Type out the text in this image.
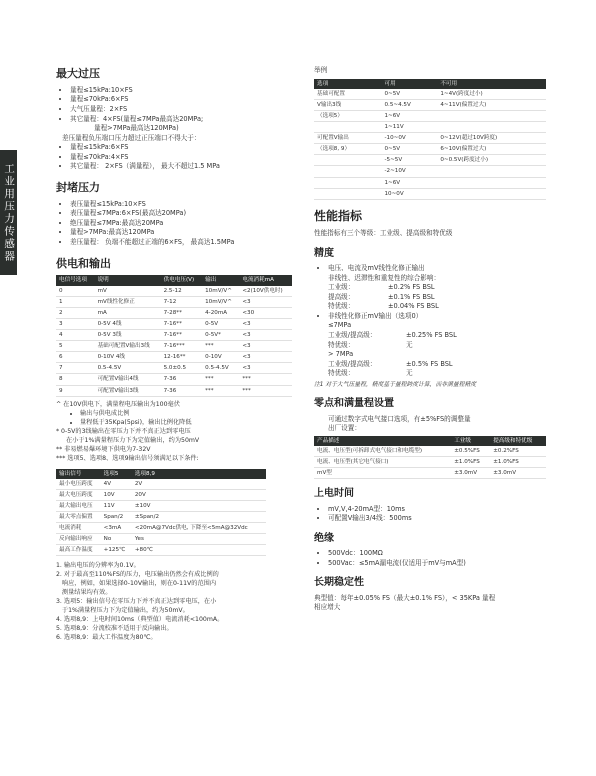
工业用压力传感器
最大过压
• 量程≤15kPa:10×FS
• 量程≤70kPa:6×FS
• 大气压量程：2×FS
• 其它量程：4×FS(量程≤7MPa最高达20MPa;
量程>7MPa最高达120MPa)

差压量程负压端口压力超过正压端口不得大于：

• 量程≤15kPa:6×FS
• 量程≤70kPa:4×FS
• 其它量程： 2×FS（满量程）， 最大不超过1.5 MPa
封堵压力
• 表压量程≤15kPa:10×FS
• 表压量程≤7MPa:6×FS(最高达20MPa)
• 绝压量程≤7MPa:最高达20MPa
• 量程>7MPa:最高达120MPa
• 差压量程： 负端不能超过正端的6×FS， 最高达1.5MPa
供电和输出
电信号选项	说明	供电电压(V)	输出	电流消耗mA
0	mV	2.5-12	10mV/V^	<2(10V供电时)
1	mV线性化修正	7-12	10mV/V^	<3
2	mA	7-28**	4-20mA	<30
3	0-5V 4线	7-16**	0-5V	<3
4	0-5V 3线	7-16**	0-5V*	<3
5	基础可配置V输出3线	7-16***	***	<3
6	0-10V 4线	12-16**	0-10V	<3
7	0.5-4.5V	5.0±0.5	0.5-4.5V	<3
8	可配置V输出4线	7-36	***	***
9	可配置V输出3线	7-36	***	***

^ 在10V供电下，满量程电压输出为100毫伏

• 输出与供电成比例
• 量程低于35Kpa(5psi)，输出比例化降低

* 0-5V的3线输出在零压力下并不真正达到零电压

在小于1%满量程压力下为定值输出，约为50mV

** 非易燃易爆环境下供电为7-32V

*** 选项5、选项8、选项9输出信号须满足以下条件:

输出信号	选项5	选项8,9
最小电压跨度	4V	2V
最大电压跨度	10V	20V
最大输出电压	11V	±10V
最大零点偏置	Span/2	±Span/2
电流消耗	<3mA	<20mA@7Vdc供电, 下降至<5mA@32Vdc
反向输出响应	No	Yes
最高工作温度	+125℃	+80℃

1. 输出电压的分辨率为0.1V。

2. 对于最高至110%FS的压力，电压输出仍然会有成比例的

响应，例如，如果选择0-10V输出，则在0-11V的范围内

测量结果均有效。

3. 选项5：输出信号在零压力下并不真正达到零电压，在小

于1%满量程压力下为定值输出，约为50mV。

4. 选项8,9：上电时间10ms（典型值）电流消耗<100mA。

5. 选项8,9：分流校准不适用于反向输出。

6. 选项8,9：最大工作温度为80℃。

举例
选项	可用	不可用
基础可配置	0~5V	1~4V(跨度过小)
V输出3线	0.5~4.5V	4~11V(偏置过大)
（选项5）	1~6V	
	1~11V	
可配置V输出	-10~0V	0~12V(超过10V跨度)
（选项8, 9）	0~5V	6~10V(偏置过大)
	-5~5V	0~0.5V(跨度过小)
	-2~10V	
	1~6V	
	10~0V	
性能指标

性能指标有三个等级：工业级、提高级和特优级

精度
• 电压、电流及mV线性化修正输出
非线性、迟滞性和重复性的综合影响：
工业级：	±0.2% FS BSL
提高级：	±0.1% FS BSL
特优级：	±0.04% FS BSL
• 非线性化修正mV输出（选项0）
≤7MPa
工业级/提高级：	±0.25% FS BSL
特优级：	无
> 7MPa
工业级/提高级：	±0.5% FS BSL
特优级：	无

注1 对于大气压量程，精度基于量程跨度计算，而非满量程精度

零点和满量程设置
可通过数字式电气接口选项，有±5%FS的调整量
出厂设置：
产品描述	工业级	提高级和特优级
电流、电压型(可拆卸式电气接口和电缆型)	±0.5%FS	±0.2%FS
电流、电压型(其它电气接口)	±1.0%FS	±1.0%FS
mV型	±3.0mV	±3.0mV
上电时间
• mV,V,4-20mA型：10ms
• 可配置V输出3/4线：500ms
绝缘
• 500Vdc：100MΩ
• 500Vac：≤5mA漏电流(仅适用于mV与mA型)
长期稳定性

典型值：每年±0.05% FS（最大±0.1% FS），< 35KPa 量程

相应增大
